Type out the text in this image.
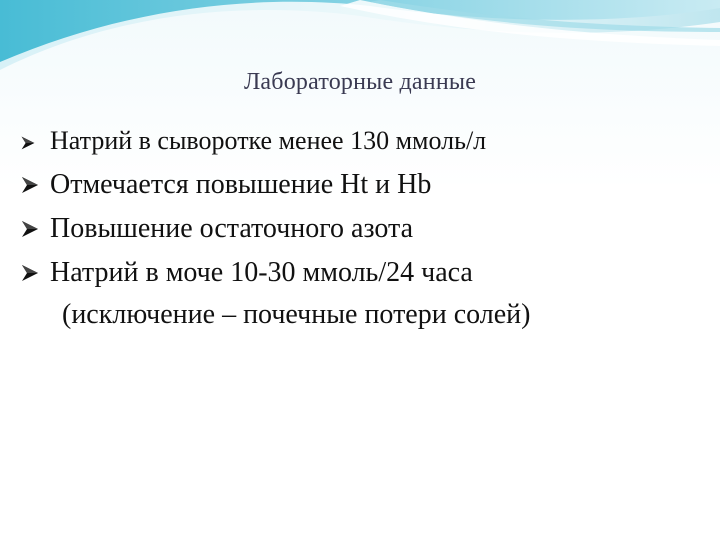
Лабораторные данные
Натрий в сыворотке менее 130 ммоль/л
Отмечается повышение Ht и Hb
Повышение остаточного азота
Натрий в моче 10-30 ммоль/24 часа
(исключение – почечные потери солей)
